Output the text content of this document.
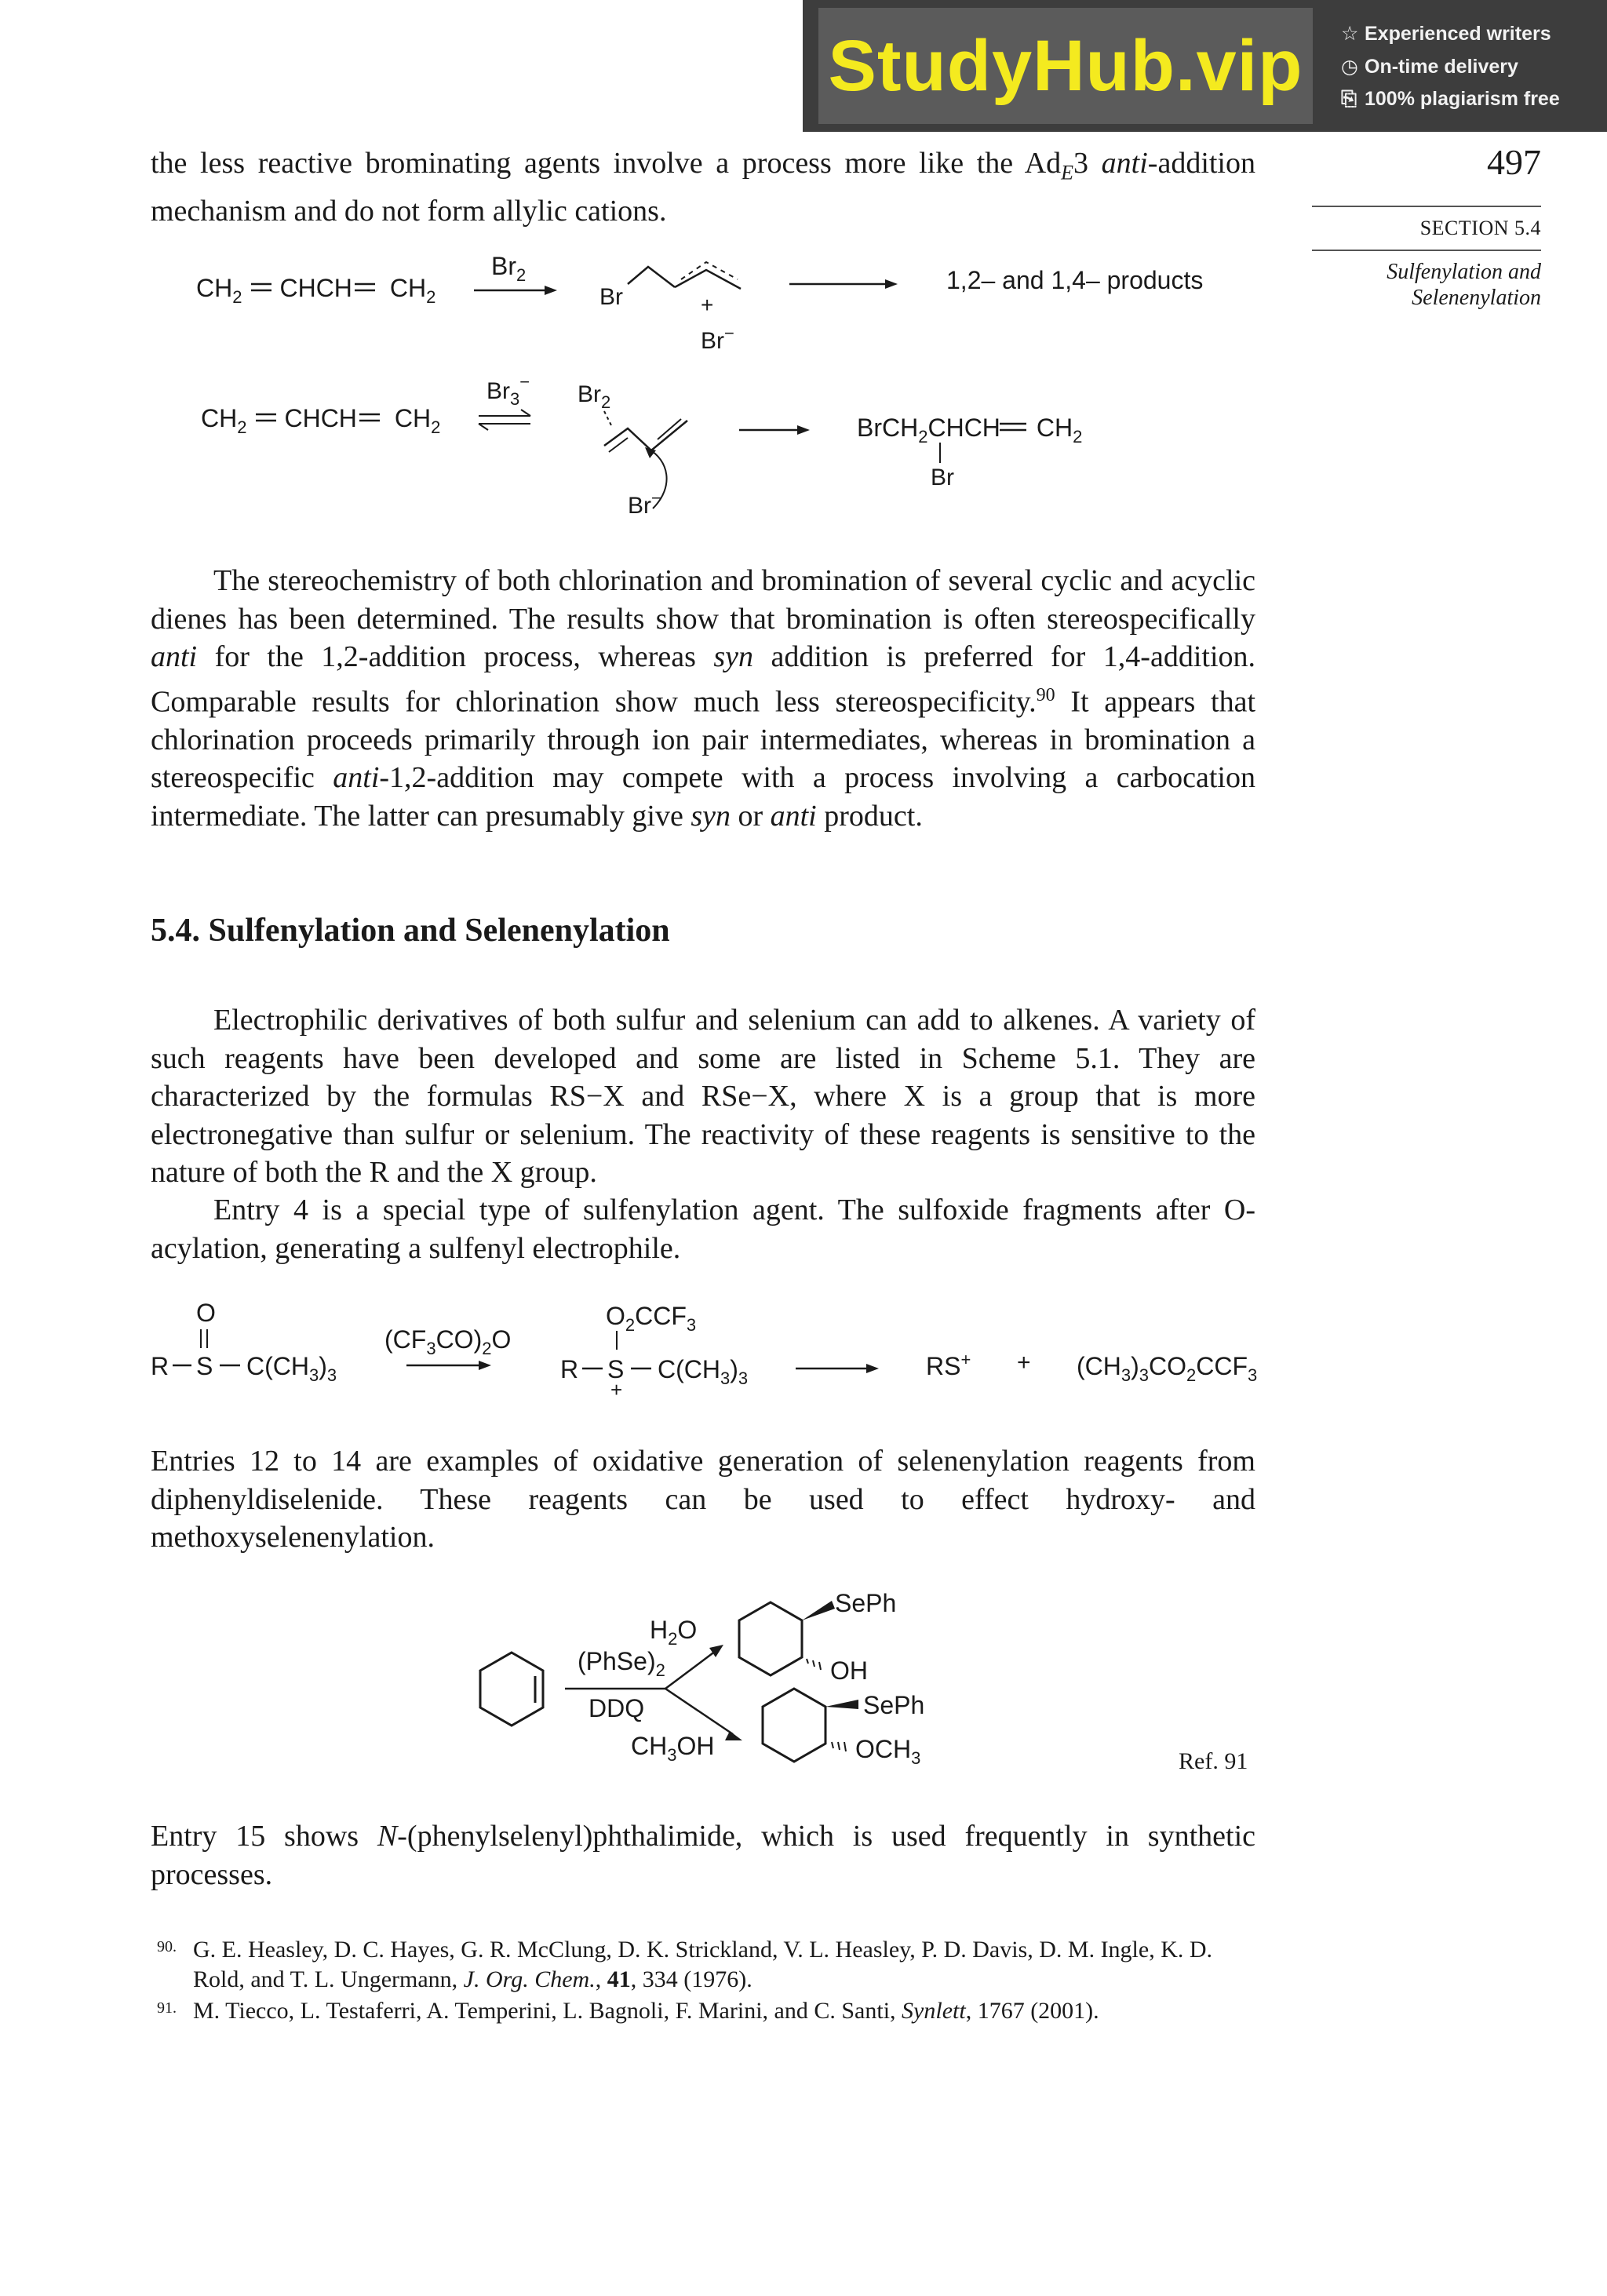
StudyHub.vip	☆ Experienced writers
◷ On-time delivery
⎘ 100% plagiarism free
497
SECTION 5.4
Sulfenylation and
Selenenylation
the less reactive brominating agents involve a process more like the $Ad_E3$ anti-addition mechanism and do not form allylic cations.
$CH_2$ CHCH $CH_2$
$Br_2$
Br	+
Br−
1,2– and 1,4– products
$CH_2$ CHCH $CH_2$
$Br_3^-$ $Br_2$
Br−
BrCH$_2$CHCH $CH_2$
Br
The stereochemistry of both chlorination and bromination of several cyclic and acyclic dienes has been determined. The results show that bromination is often stereospecifically anti for the 1,2-addition process, whereas syn addition is preferred for 1,4-addition. Comparable results for chlorination show much less stereospecificity.$^{90}$ It appears that chlorination proceeds primarily through ion pair intermediates, whereas in bromination a stereospecific anti-1,2-addition may compete with a process involving a carbocation intermediate. The latter can presumably give syn or anti product.
5.4. Sulfenylation and Selenenylation
Electrophilic derivatives of both sulfur and selenium can add to alkenes. A variety of such reagents have been developed and some are listed in Scheme 5.1. They are characterized by the formulas RS−X and RSe−X, where X is a group that is more electronegative than sulfur or selenium. The reactivity of these reagents is sensitive to the nature of both the R and the X group.
Entry 4 is a special type of sulfenylation agent. The sulfoxide fragments after O-acylation, generating a sulfenyl electrophile.
O
R S $C(CH_3)_3$
$(CF_3CO)_2O$
$O_2CCF_3$
R S $C(CH_3)_3$
+
$RS^+ + (CH_3)_3CO_2CCF_3$
Entries 12 to 14 are examples of oxidative generation of selenenylation reagents from diphenyldiselenide. These reagents can be used to effect hydroxy- and methoxyselenenylation.
$H_2O$
$(PhSe)_2$
DDQ
$CH_3OH$
SePh
OH
SePh
$OCH_3$	Ref. 91
Entry 15 shows N-(phenylselenyl)phthalimide, which is used frequently in synthetic processes.
90. G. E. Heasley, D. C. Hayes, G. R. McClung, D. K. Strickland, V. L. Heasley, P. D. Davis, D. M. Ingle, K. D. Rold, and T. L. Ungermann, J. Org. Chem., 41, 334 (1976).
91. M. Tiecco, L. Testaferri, A. Temperini, L. Bagnoli, F. Marini, and C. Santi, Synlett, 1767 (2001).
